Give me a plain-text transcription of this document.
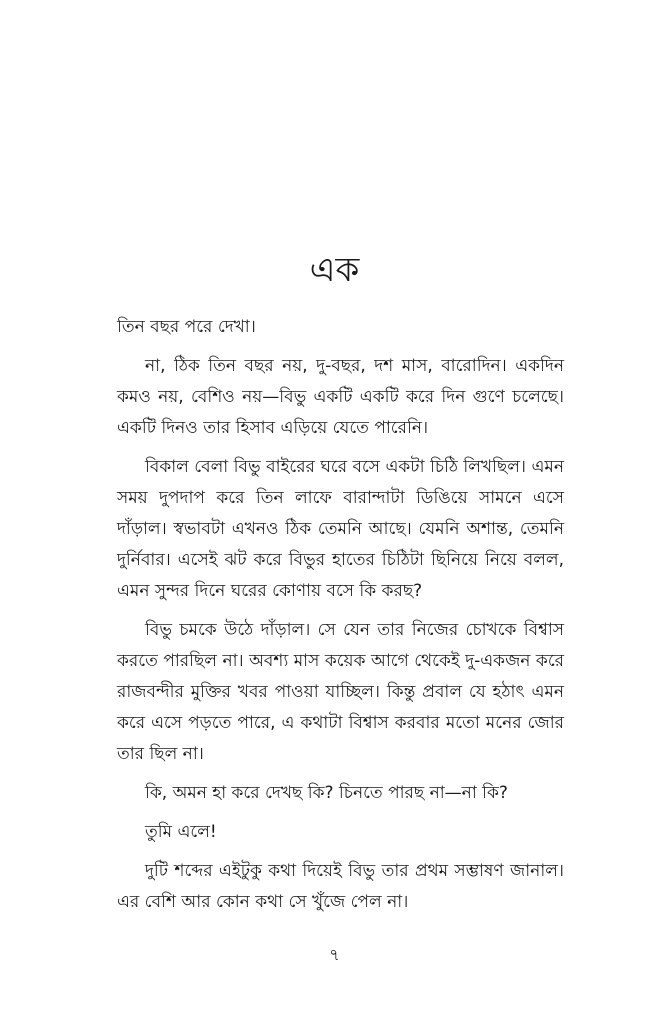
এক

তিন বছর পরে দেখা।

না, ঠিক তিন বছর নয়, দু-বছর, দশ মাস, বারোদিন। একদিন কমও নয়, বেশিও নয়—বিভু একটি একটি করে দিন গুণে চলেছে। একটি দিনও তার হিসাব এড়িয়ে যেতে পারেনি।

বিকাল বেলা বিভু বাইরের ঘরে বসে একটা চিঠি লিখছিল। এমন সময় দুপদাপ করে তিন লাফে বারান্দাটা ডিঙিয়ে সামনে এসে দাঁড়াল। স্বভাবটা এখনও ঠিক তেমনি আছে। যেমনি অশান্ত, তেমনি দুর্নিবার। এসেই ঝট করে বিভুর হাতের চিঠিটা ছিনিয়ে নিয়ে বলল, এমন সুন্দর দিনে ঘরের কোণায় বসে কি করছ?

বিভু চমকে উঠে দাঁড়াল। সে যেন তার নিজের চোখকে বিশ্বাস করতে পারছিল না। অবশ্য মাস কয়েক আগে থেকেই দু-একজন করে রাজবন্দীর মুক্তির খবর পাওয়া যাচ্ছিল। কিন্তু প্রবাল যে হঠাৎ এমন করে এসে পড়তে পারে, এ কথাটা বিশ্বাস করবার মতো মনের জোর তার ছিল না।

কি, অমন হা করে দেখছ কি? চিনতে পারছ না—না কি?

তুমি এলে!

দুটি শব্দের এইটুকু কথা দিয়েই বিভু তার প্রথম সম্ভাষণ জানাল। এর বেশি আর কোন কথা সে খুঁজে পেল না।

৭
